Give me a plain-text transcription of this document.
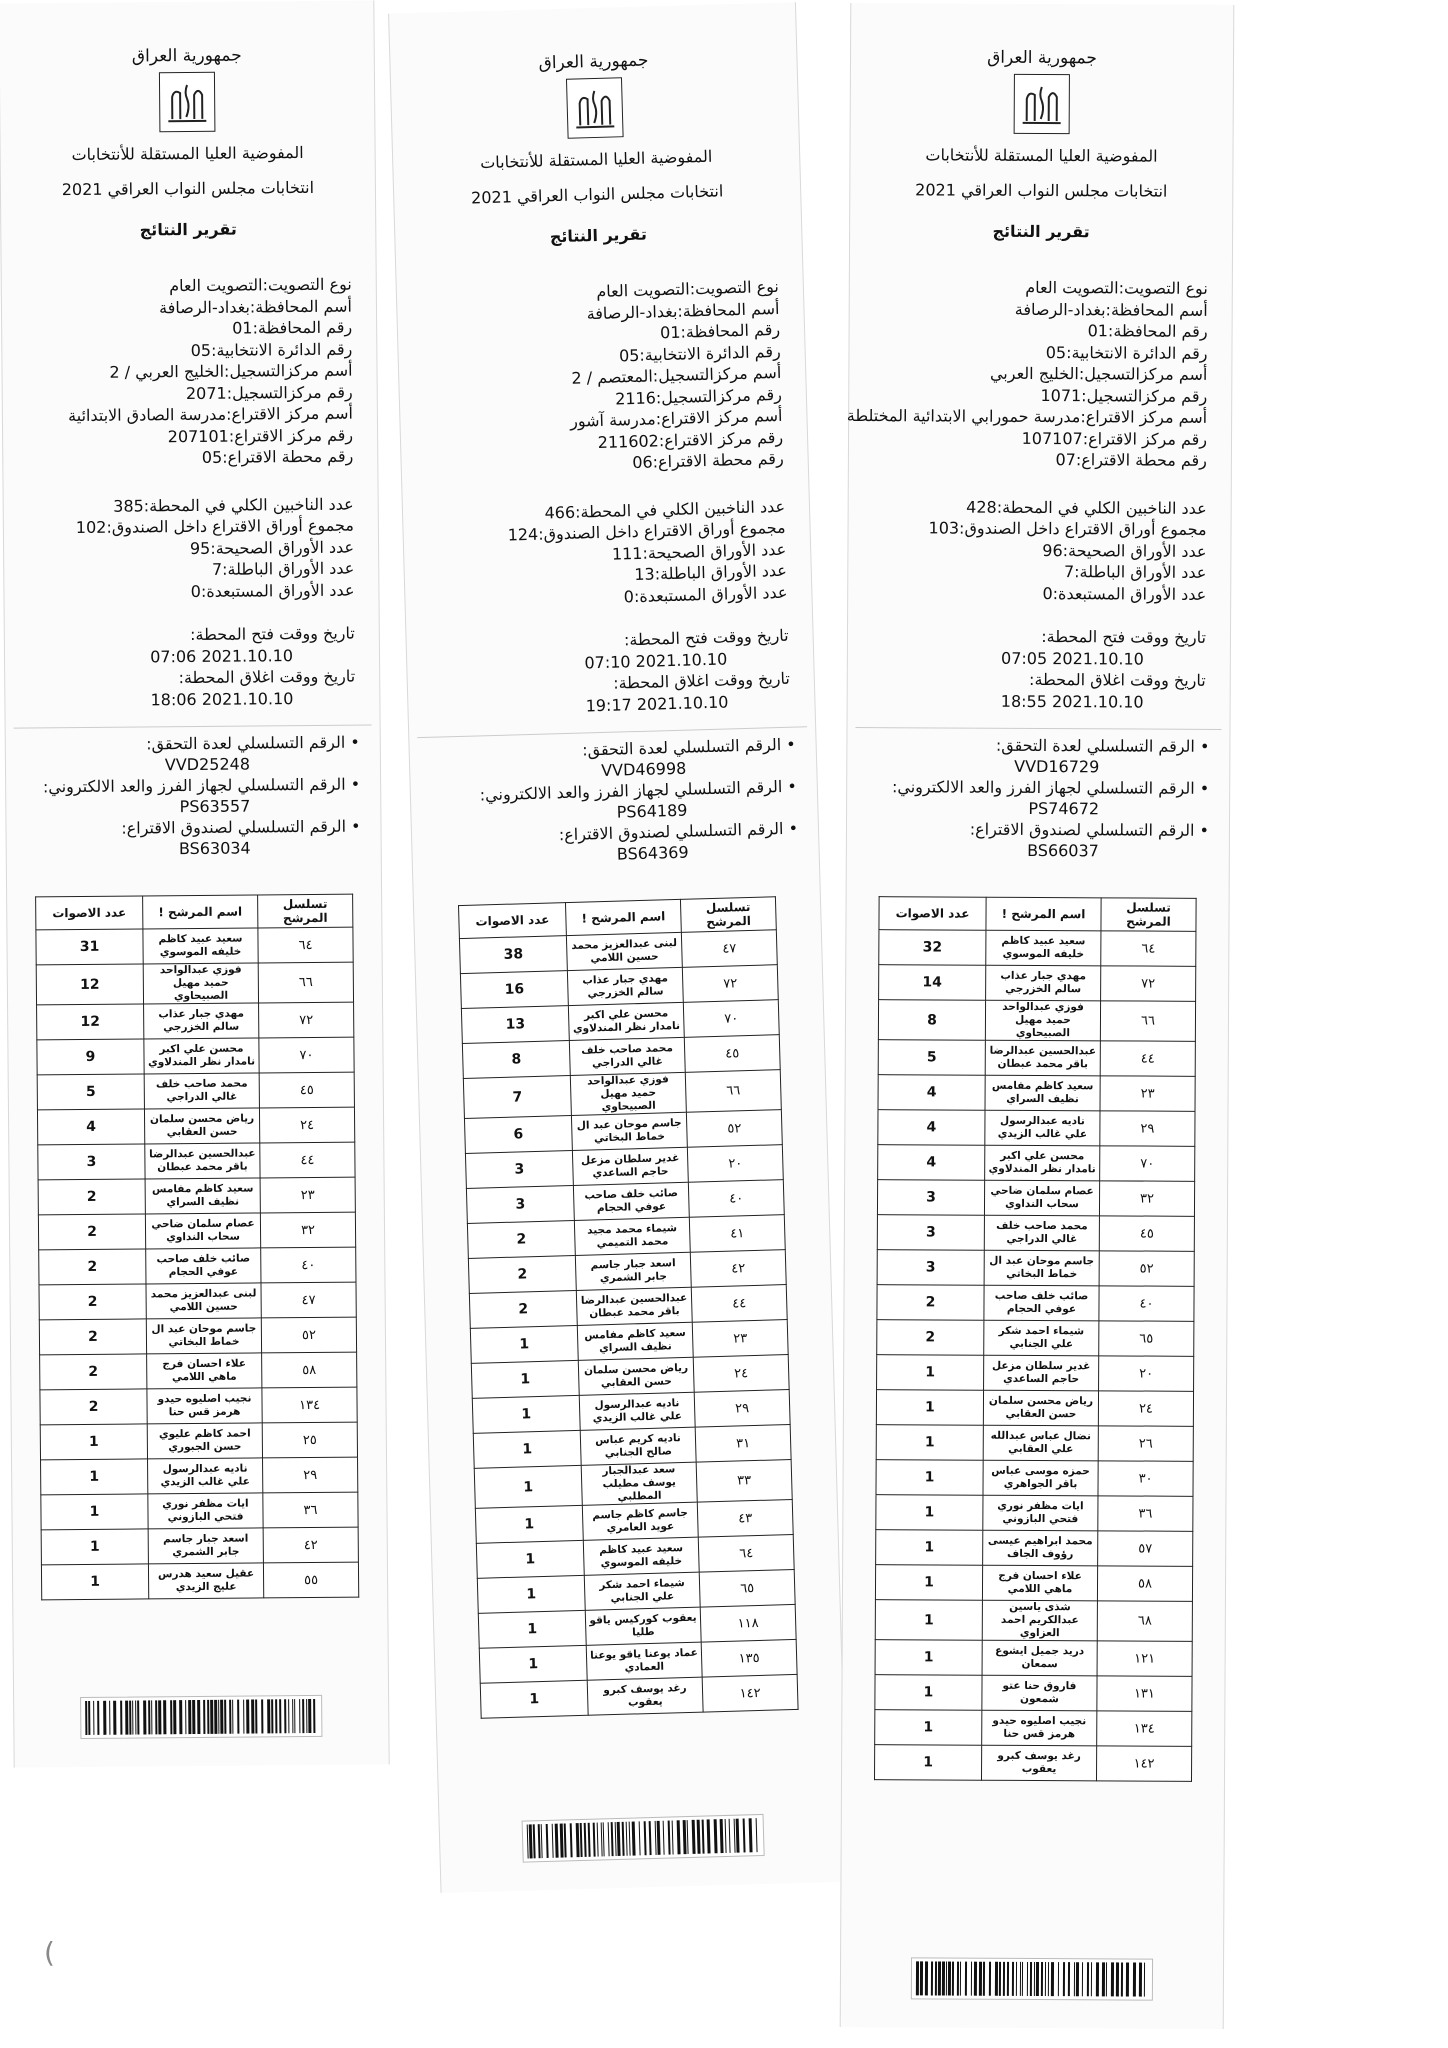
جمهورية العراق
المفوضية العليا المستقلة للأنتخابات
انتخابات مجلس النواب العراقي 2021
تقرير النتائج
نوع التصويت:التصويت العام
أسم المحافظة:بغداد-الرصافة
رقم المحافظة:01
رقم الدائرة الانتخابية:05
أسم مركزالتسجيل:الخليج العربي / 2
رقم مركزالتسجيل:2071
أسم مركز الاقتراع:مدرسة الصادق الابتدائية
رقم مركز الاقتراع:207101
رقم محطة الاقتراع:05
عدد الناخبين الكلي في المحطة:385
مجموع أوراق الاقتراع داخل الصندوق:102
عدد الأوراق الصحيحة:95
عدد الأوراق الباطلة:7
عدد الأوراق المستبعدة:0
تاريخ ووقت فتح المحطة:
2021.10.10 07:06
تاريخ ووقت اغلاق المحطة:
2021.10.10 18:06
• الرقم التسلسلي لعدة التحقق:
VVD25248
• الرقم التسلسلي لجهاز الفرز والعد الالكتروني:
PS63557
• الرقم التسلسلي لصندوق الاقتراع:
BS63034
تسلسل المرشح	اسم المرشح !	عدد الاصوات
٦٤	سعيد عبيد كاظم خليفه الموسوي	31
٦٦	فوزي عبدالواحد حميد مهيل الصبيحاوي	12
٧٢	مهدي جبار عذاب سالم الخزرجي	12
٧٠	محسن علي اكبر نامدار نظر المندلاوي	9
٤٥	محمد صاحب خلف غالي الدراجي	5
٢٤	رياض محسن سلمان حسن العقابي	4
٤٤	عبدالحسين عبدالرضا باقر محمد عبطان	3
٢٣	سعيد كاظم مفامس نظيف السراي	2
٣٢	عصام سلمان ضاحي سحاب النداوي	2
٤٠	صائب خلف صاحب عوفي الحجام	2
٤٧	لبنى عبدالعزيز محمد حسين اللامي	2
٥٢	جاسم موحان عبد ال خماط البخاتي	2
٥٨	علاء احسان فرج ماهي اللامي	2
١٣٤	نجيب اصليوه حيدو هرمز قس حنا	2
٢٥	احمد كاظم عليوي حسن الجبوري	1
٢٩	ناديه عبدالرسول علي غالب الزيدي	1
٣٦	ايات مظفر نوري فتحي البازوني	1
٤٢	اسعد جبار جاسم جابر الشمري	1
٥٥	عقيل سعيد هدرس عليج الزيدي	1
جمهورية العراق
المفوضية العليا المستقلة للأنتخابات
انتخابات مجلس النواب العراقي 2021
تقرير النتائج
نوع التصويت:التصويت العام
أسم المحافظة:بغداد-الرصافة
رقم المحافظة:01
رقم الدائرة الانتخابية:05
أسم مركزالتسجيل:المعتصم / 2
رقم مركزالتسجيل:2116
أسم مركز الاقتراع:مدرسة آشور
رقم مركز الاقتراع:211602
رقم محطة الاقتراع:06
عدد الناخبين الكلي في المحطة:466
مجموع أوراق الاقتراع داخل الصندوق:124
عدد الأوراق الصحيحة:111
عدد الأوراق الباطلة:13
عدد الأوراق المستبعدة:0
تاريخ ووقت فتح المحطة:
2021.10.10 07:10
تاريخ ووقت اغلاق المحطة:
2021.10.10 19:17
• الرقم التسلسلي لعدة التحقق:
VVD46998
• الرقم التسلسلي لجهاز الفرز والعد الالكتروني:
PS64189
• الرقم التسلسلي لصندوق الاقتراع:
BS64369
تسلسل المرشح	اسم المرشح !	عدد الاصوات
٤٧	لبنى عبدالعزيز محمد حسين اللامي	38
٧٢	مهدي جبار عذاب سالم الخزرجي	16
٧٠	محسن علي اكبر نامدار نظر المندلاوي	13
٤٥	محمد صاحب خلف غالي الدراجي	8
٦٦	فوزي عبدالواحد حميد مهيل الصبيحاوي	7
٥٢	جاسم موحان عبد ال خماط البخاتي	6
٢٠	غدير سلطان مزعل حاجم الساعدي	3
٤٠	صائب خلف صاحب عوفي الحجام	3
٤١	شيماء محمد مجيد محمد التميمي	2
٤٢	اسعد جبار جاسم جابر الشمري	2
٤٤	عبدالحسين عبدالرضا باقر محمد عبطان	2
٢٣	سعيد كاظم مفامس نظيف السراي	1
٢٤	رياض محسن سلمان حسن العقابي	1
٢٩	ناديه عبدالرسول علي غالب الزيدي	1
٣١	ناديه كريم عباس صالح الجنابي	1
٣٣	سعد عبدالجبار يوسف مطيلب المطلبي	1
٤٣	جاسم كاظم جاسم عويد العامري	1
٦٤	سعيد عبيد كاظم خليفه الموسوي	1
٦٥	شيماء احمد شكر علي الجنابي	1
١١٨	يعقوب كوركيس ياقو طليا	1
١٣٥	عماد يوعنا ياقو يوعنا العمادي	1
١٤٢	رغد يوسف كبرو يعقوب	1
جمهورية العراق
المفوضية العليا المستقلة للأنتخابات
انتخابات مجلس النواب العراقي 2021
تقرير النتائج
نوع التصويت:التصويت العام
أسم المحافظة:بغداد-الرصافة
رقم المحافظة:01
رقم الدائرة الانتخابية:05
أسم مركزالتسجيل:الخليج العربي
رقم مركزالتسجيل:1071
أسم مركز الاقتراع:مدرسة حمورابي الابتدائية المختلطة
رقم مركز الاقتراع:107107
رقم محطة الاقتراع:07
عدد الناخبين الكلي في المحطة:428
مجموع أوراق الاقتراع داخل الصندوق:103
عدد الأوراق الصحيحة:96
عدد الأوراق الباطلة:7
عدد الأوراق المستبعدة:0
تاريخ ووقت فتح المحطة:
2021.10.10 07:05
تاريخ ووقت اغلاق المحطة:
2021.10.10 18:55
• الرقم التسلسلي لعدة التحقق:
VVD16729
• الرقم التسلسلي لجهاز الفرز والعد الالكتروني:
PS74672
• الرقم التسلسلي لصندوق الاقتراع:
BS66037
تسلسل المرشح	اسم المرشح !	عدد الاصوات
٦٤	سعيد عبيد كاظم خليفه الموسوي	32
٧٢	مهدي جبار عذاب سالم الخزرجي	14
٦٦	فوزي عبدالواحد حميد مهيل الصبيحاوي	8
٤٤	عبدالحسين عبدالرضا باقر محمد عبطان	5
٢٣	سعيد كاظم مفامس نظيف السراي	4
٢٩	ناديه عبدالرسول علي غالب الزيدي	4
٧٠	محسن علي اكبر نامدار نظر المندلاوي	4
٣٢	عصام سلمان ضاحي سحاب النداوي	3
٤٥	محمد صاحب خلف غالي الدراجي	3
٥٢	جاسم موحان عبد ال خماط البخاتي	3
٤٠	صائب خلف صاحب عوفي الحجام	2
٦٥	شيماء احمد شكر علي الجنابي	2
٢٠	غدير سلطان مزعل حاجم الساعدي	1
٢٤	رياض محسن سلمان حسن العقابي	1
٢٦	نضال عباس عبدالله علي العقابي	1
٣٠	حمزه موسى عباس باقر الجواهري	1
٣٦	ايات مظفر نوري فتحي البازوني	1
٥٧	محمد ابراهيم عيسى رؤوف الجاف	1
٥٨	علاء احسان فرج ماهي اللامي	1
٦٨	شذى ياسين عبدالكريم احمد العزاوي	1
١٢١	دريد جميل ايشوع سمعان	1
١٣١	فاروق حنا عتو شمعون	1
١٣٤	نجيب اصليوه حيدو هرمز قس حنا	1
١٤٢	رغد يوسف كبرو يعقوب	1
(
